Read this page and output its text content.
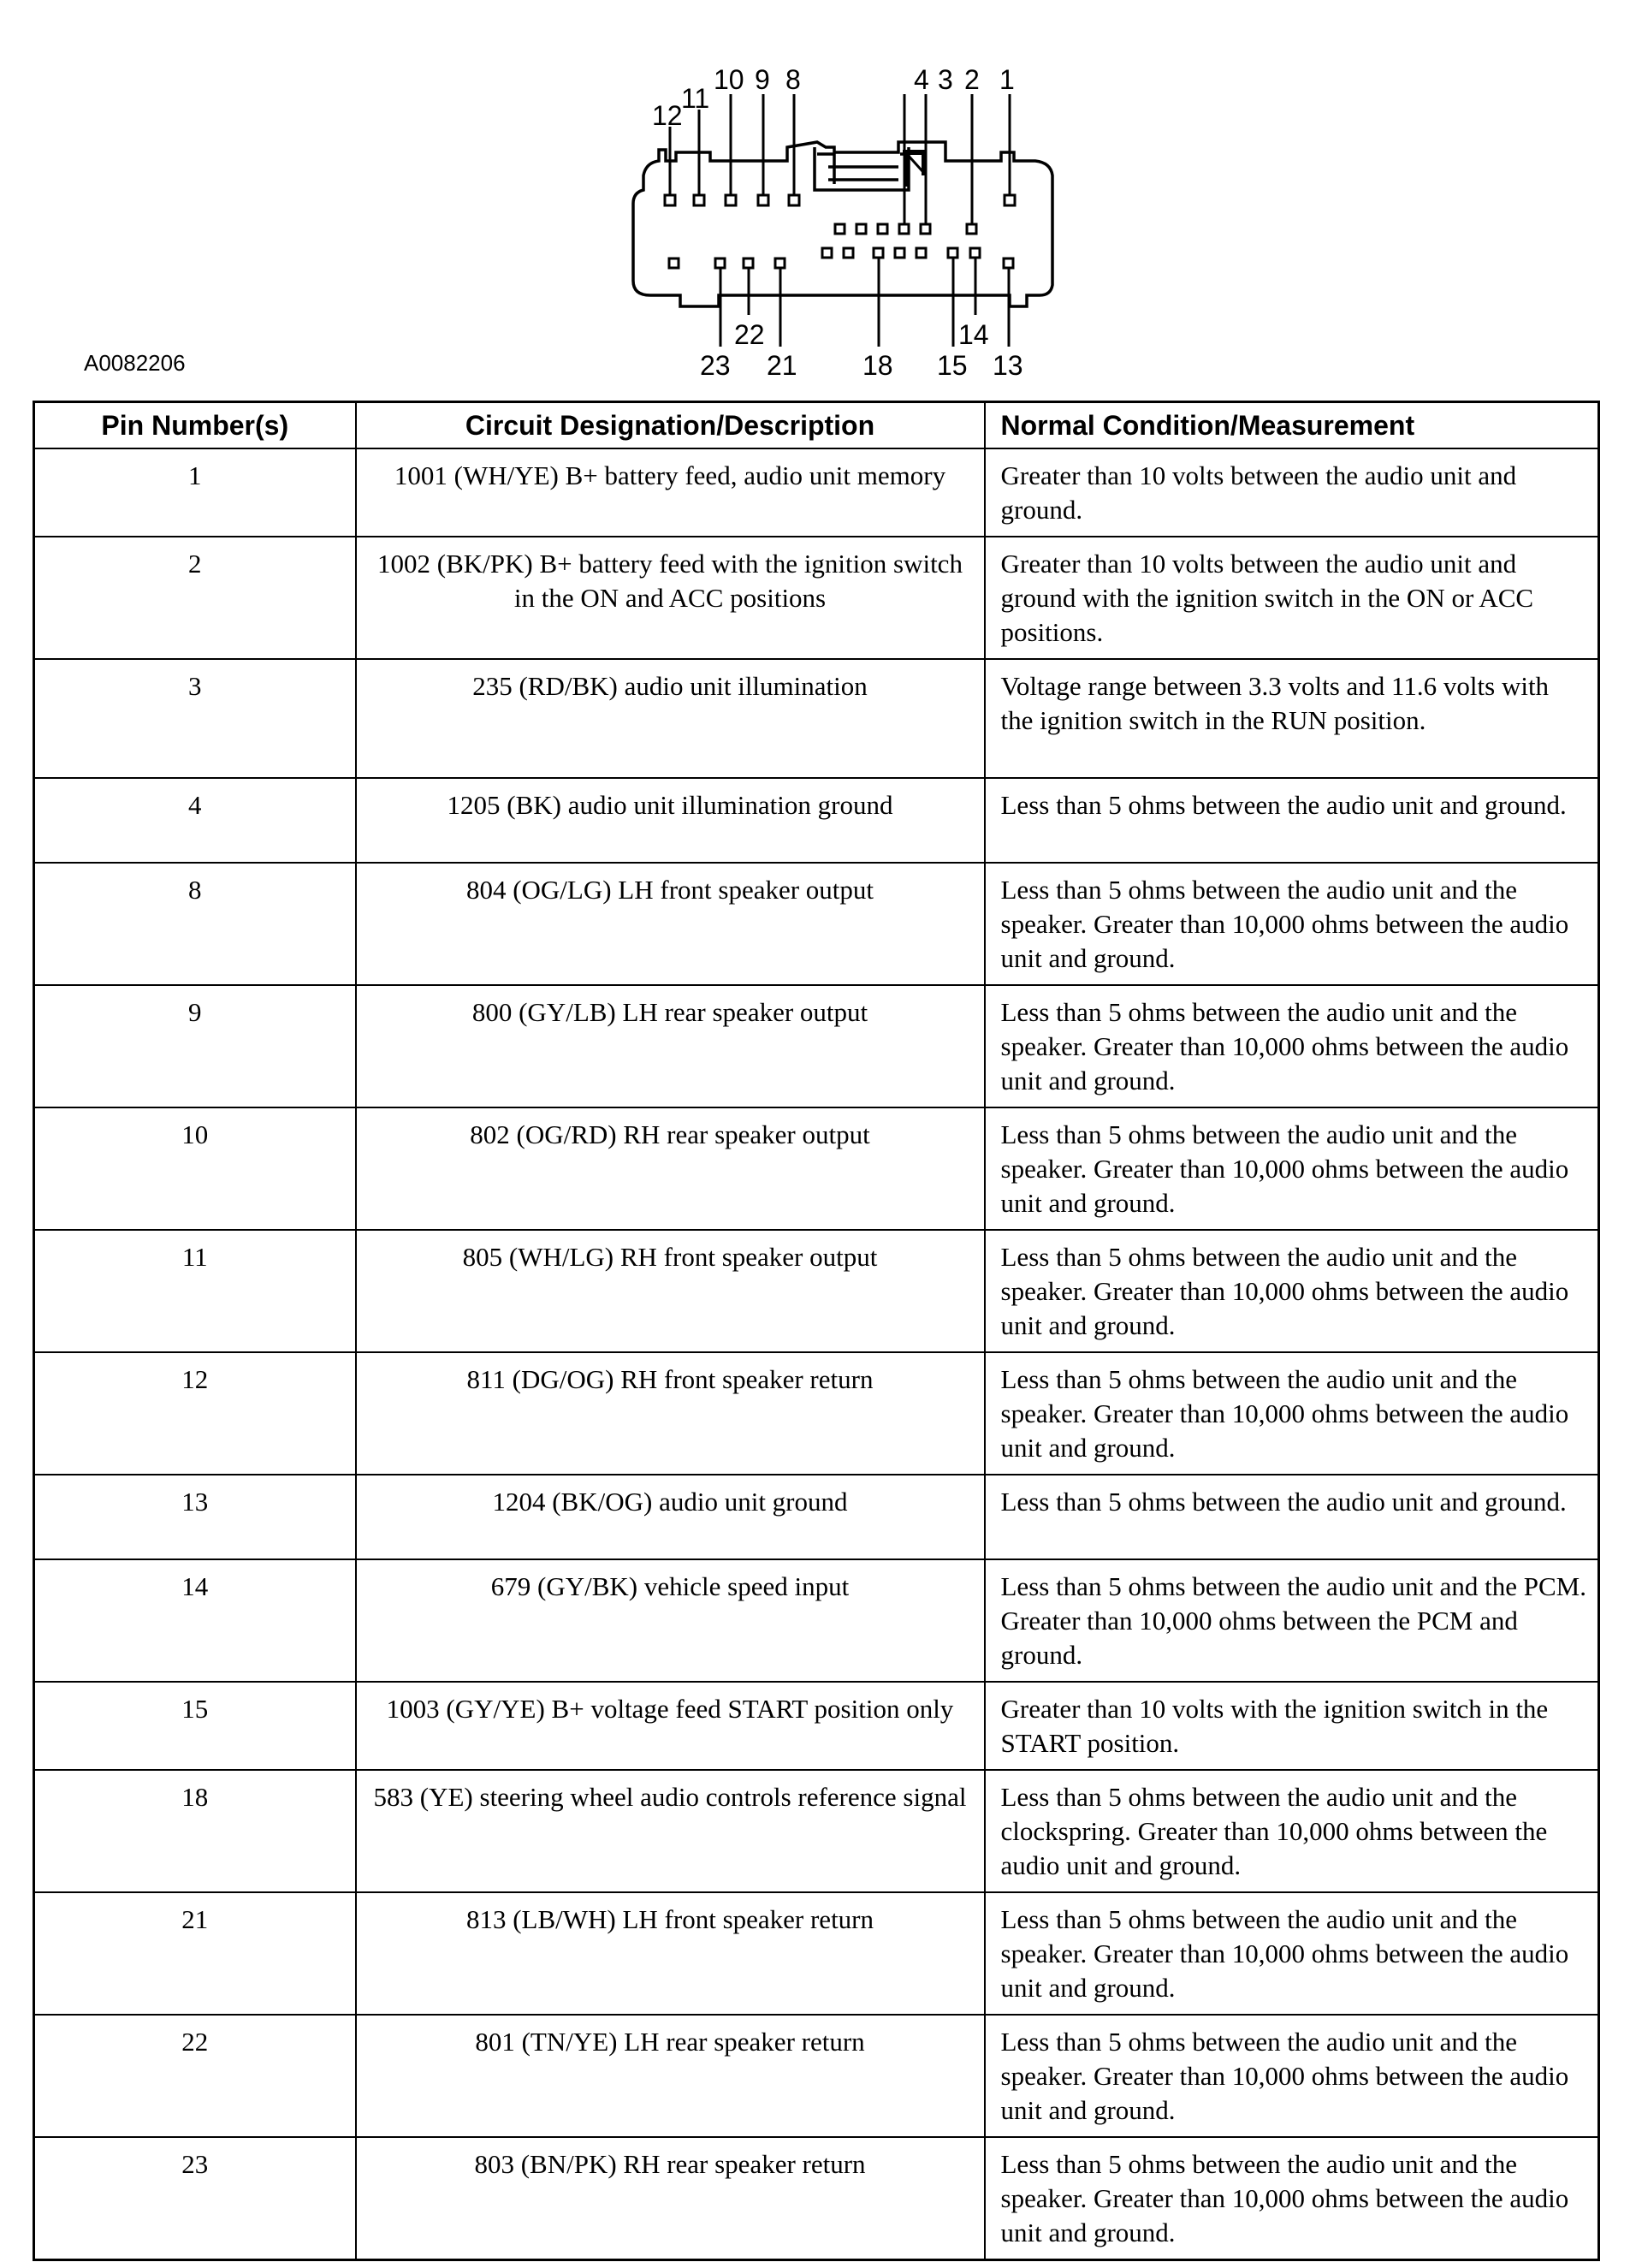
12
11
10 9 8	4 3 2 1
22	14
23 21 18 15 13
A0082206
Pin Number(s)	Circuit Designation/Description	Normal Condition/Measurement
1	1001 (WH/YE) B+ battery feed, audio unit memory	Greater than 10 volts between the audio unit and ground.
2	1002 (BK/PK) B+ battery feed with the ignition switch in the ON and ACC positions	Greater than 10 volts between the audio unit and ground with the ignition switch in the ON or ACC positions.
3	235 (RD/BK) audio unit illumination	Voltage range between 3.3 volts and 11.6 volts with the ignition switch in the RUN position.
4	1205 (BK) audio unit illumination ground	Less than 5 ohms between the audio unit and ground.
8	804 (OG/LG) LH front speaker output	Less than 5 ohms between the audio unit and the speaker. Greater than 10,000 ohms between the audio unit and ground.
9	800 (GY/LB) LH rear speaker output	Less than 5 ohms between the audio unit and the speaker. Greater than 10,000 ohms between the audio unit and ground.
10	802 (OG/RD) RH rear speaker output	Less than 5 ohms between the audio unit and the speaker. Greater than 10,000 ohms between the audio unit and ground.
11	805 (WH/LG) RH front speaker output	Less than 5 ohms between the audio unit and the speaker. Greater than 10,000 ohms between the audio unit and ground.
12	811 (DG/OG) RH front speaker return	Less than 5 ohms between the audio unit and the speaker. Greater than 10,000 ohms between the audio unit and ground.
13	1204 (BK/OG) audio unit ground	Less than 5 ohms between the audio unit and ground.
14	679 (GY/BK) vehicle speed input	Less than 5 ohms between the audio unit and the PCM. Greater than 10,000 ohms between the PCM and ground.
15	1003 (GY/YE) B+ voltage feed START position only	Greater than 10 volts with the ignition switch in the START position.
18	583 (YE) steering wheel audio controls reference signal	Less than 5 ohms between the audio unit and the clockspring. Greater than 10,000 ohms between the audio unit and ground.
21	813 (LB/WH) LH front speaker return	Less than 5 ohms between the audio unit and the speaker. Greater than 10,000 ohms between the audio unit and ground.
22	801 (TN/YE) LH rear speaker return	Less than 5 ohms between the audio unit and the speaker. Greater than 10,000 ohms between the audio unit and ground.
23	803 (BN/PK) RH rear speaker return	Less than 5 ohms between the audio unit and the speaker. Greater than 10,000 ohms between the audio unit and ground.
